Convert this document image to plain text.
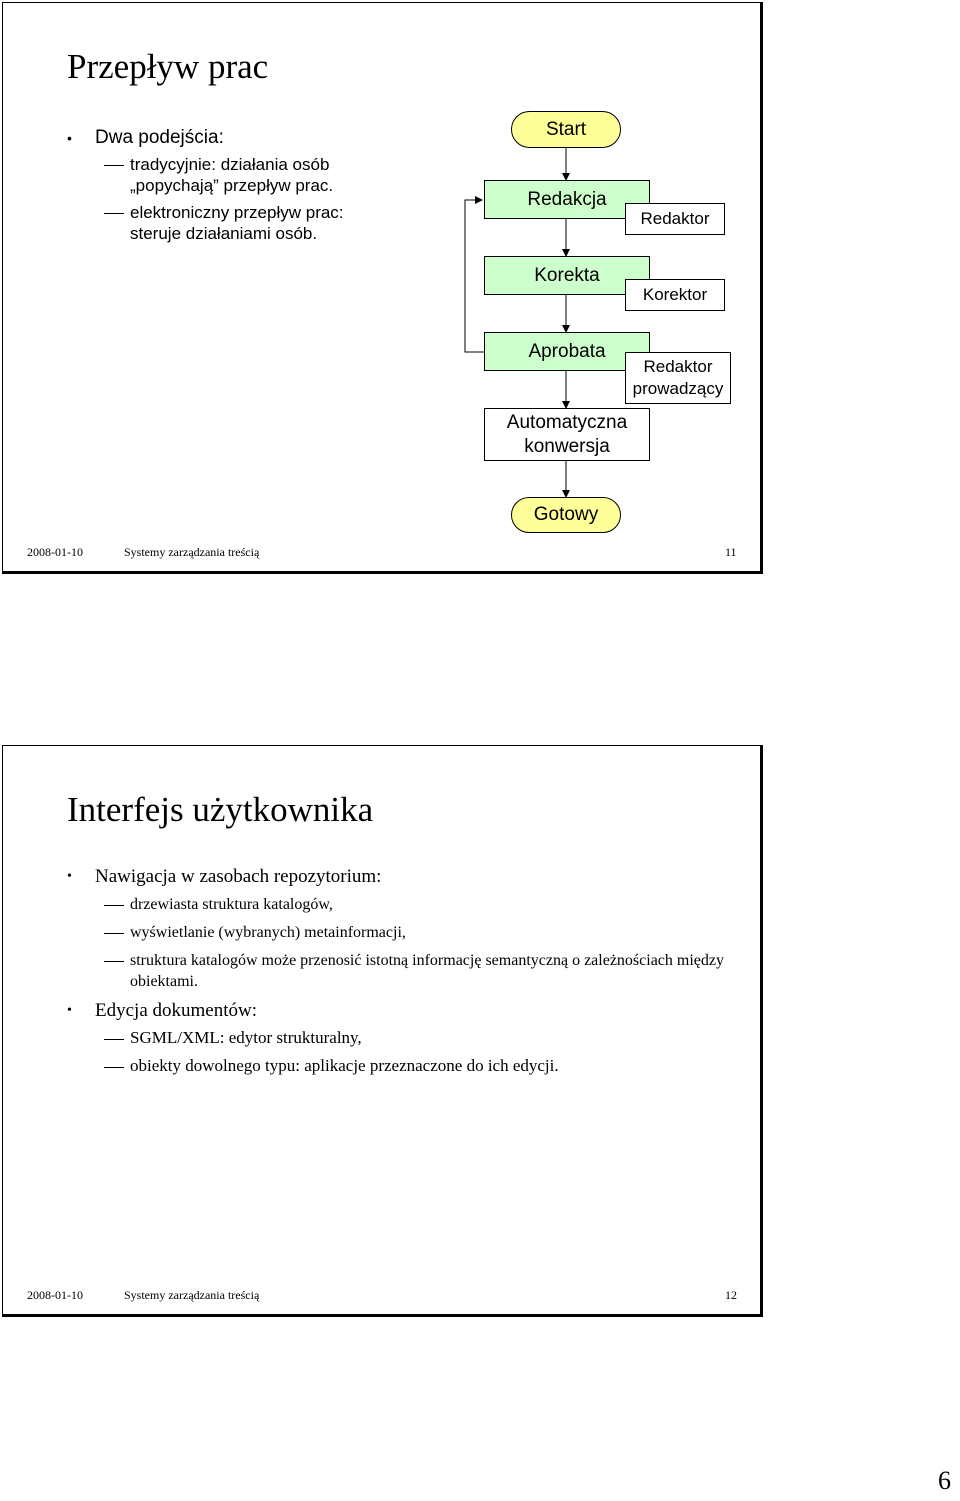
Przepływ prac
• Dwa podejścia:
tradycyjnie: działania osób „popychają” przepływ prac.
elektroniczny przepływ prac: steruje działaniami osób.
Start
Redakcja
Korekta
Aprobata
Automatyczna
konwersja
Gotowy
Redaktor
Korektor
Redaktor
prowadzący
2008-01-10	Systemy zarządzania treścią	11
Interfejs użytkownika
• Nawigacja w zasobach repozytorium:
drzewiasta struktura katalogów,
wyświetlanie (wybranych) metainformacji,
struktura katalogów może przenosić istotną informację semantyczną o zależnościach między obiektami.
• Edycja dokumentów:
SGML/XML: edytor strukturalny,
obiekty dowolnego typu: aplikacje przeznaczone do ich edycji.
2008-01-10	Systemy zarządzania treścią	12
6
